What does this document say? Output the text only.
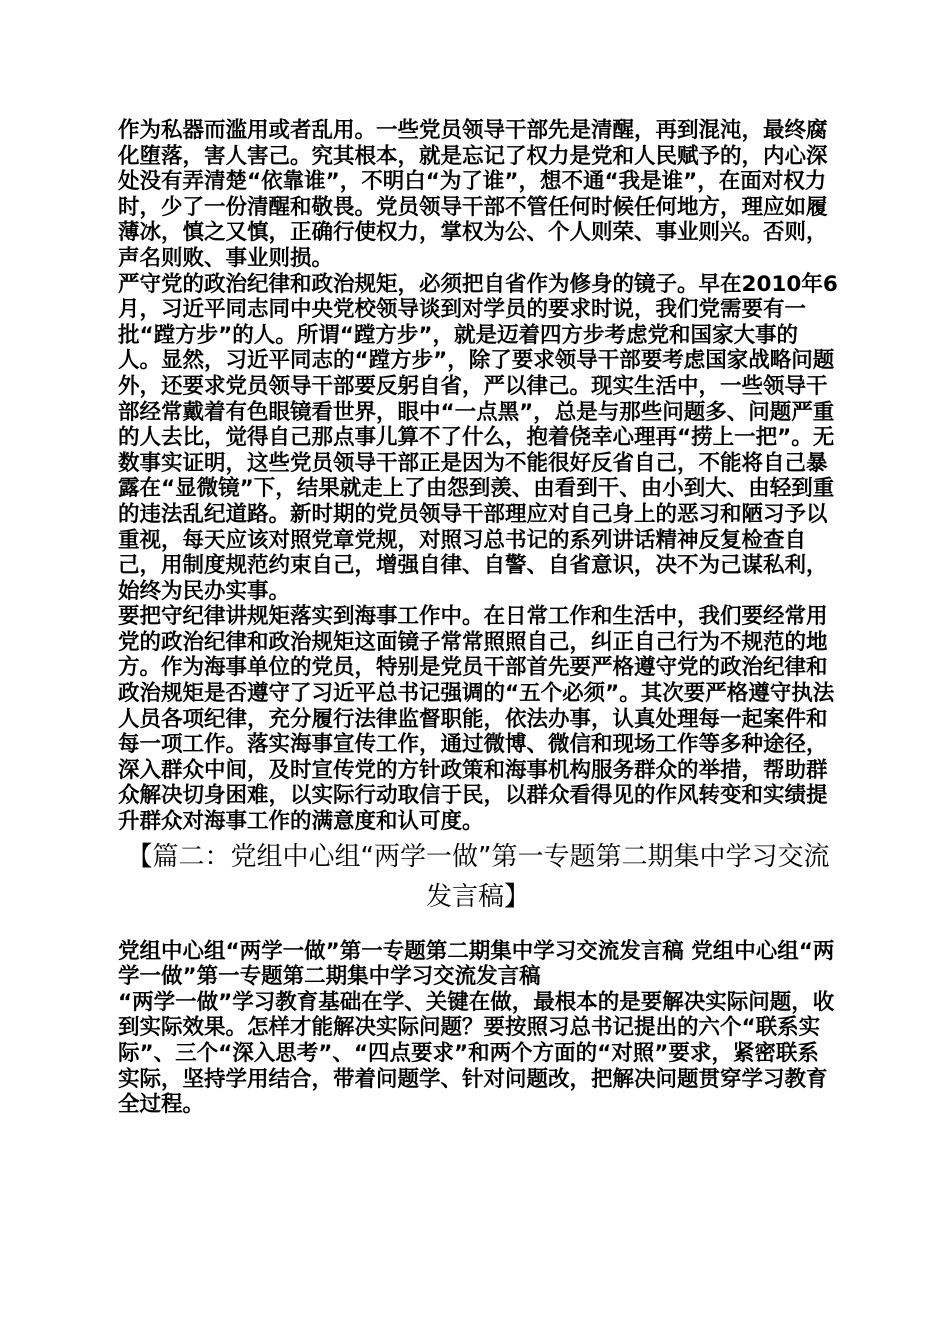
作为私器而滥用或者乱用。一些党员领导干部先是清醒，再到混沌，最终腐化堕落，害人害己。究其根本，就是忘记了权力是党和人民赋予的，内心深处没有弄清楚“依靠谁”，不明白“为了谁”，想不通“我是谁”，在面对权力时，少了一份清醒和敬畏。党员领导干部不管任何时候任何地方，理应如履薄冰，慎之又慎，正确行使权力，掌权为公、个人则荣、事业则兴。否则，声名则败、事业则损。

严守党的政治纪律和政治规矩，必须把自省作为修身的镜子。早在2010年6月，习近平同志同中央党校领导谈到对学员的要求时说，我们党需要有一批“蹚方步”的人。所谓“蹚方步”，就是迈着四方步考虑党和国家大事的人。显然，习近平同志的“蹚方步”，除了要求领导干部要考虑国家战略问题外，还要求党员领导干部要反躬自省，严以律己。现实生活中，一些领导干部经常戴着有色眼镜看世界，眼中“一点黑”，总是与那些问题多、问题严重的人去比，觉得自己那点事儿算不了什么，抱着侥幸心理再“捞上一把”。无数事实证明，这些党员领导干部正是因为不能很好反省自己，不能将自己暴露在“显微镜”下，结果就走上了由怨到羡、由看到干、由小到大、由轻到重的违法乱纪道路。新时期的党员领导干部理应对自己身上的恶习和陋习予以重视，每天应该对照党章党规，对照习总书记的系列讲话精神反复检查自己，用制度规范约束自己，增强自律、自警、自省意识，决不为己谋私利，始终为民办实事。

要把守纪律讲规矩落实到海事工作中。在日常工作和生活中，我们要经常用党的政治纪律和政治规矩这面镜子常常照照自己，纠正自己行为不规范的地方。作为海事单位的党员，特别是党员干部首先要严格遵守党的政治纪律和政治规矩是否遵守了习近平总书记强调的“五个必须”。其次要严格遵守执法人员各项纪律，充分履行法律监督职能，依法办事，认真处理每一起案件和每一项工作。落实海事宣传工作，通过微博、微信和现场工作等多种途径，深入群众中间，及时宣传党的方针政策和海事机构服务群众的举措，帮助群众解决切身困难，以实际行动取信于民，以群众看得见的作风转变和实绩提升群众对海事工作的满意度和认可度。

【篇二：党组中心组“两学一做”第一专题第二期集中学习交流发言稿】

党组中心组“两学一做”第一专题第二期集中学习交流发言稿 党组中心组“两学一做”第一专题第二期集中学习交流发言稿

“两学一做”学习教育基础在学、关键在做，最根本的是要解决实际问题，收到实际效果。怎样才能解决实际问题？要按照习总书记提出的六个“联系实际”、三个“深入思考”、“四点要求”和两个方面的“对照”要求，紧密联系实际，坚持学用结合，带着问题学、针对问题改，把解决问题贯穿学习教育全过程。
